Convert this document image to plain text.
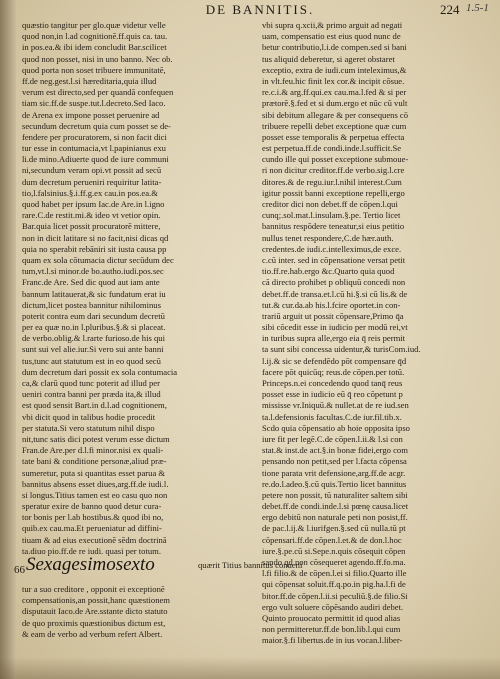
DE BANNITIS.	224 1.5-1
quæstio tangitur per glo.quæ videtur velle
quod non,in l.ad cognitionē.ff.quis ca. tau.
in pos.ea.& ibi idem concludit Bar.scilicet
quod non posset, nisi in uno banno. Nec ob.
quod porta non soset tribuere immunitatē,
ff.de neg.gest.l.si hæreditaria,quia illud
verum est directo,sed per quandā confequen
tiam sic.ff.de suspe.tut.l.decreto.Sed Iaco.
de Arena ex impone posset peruenire ad
secundum decretum quia cum posset se de-
fendere per procuratorem, si non facit dici
tur esse in contumacia,vt l.papinianus exu
li.de mino.Adiuerte quod de iure communi
ni,secundum veram opi.vt possit ad secū
dum decretum perueniri requiritur latita-
tio,l.falsinius.§.i.ff.g.ex cau.in pos.ea.&
quod habet per ipsum Iac.de Are.in l.igno
rare.C.de restit.mi.& ideo vt vetior opin.
Bar.quia licet possit procuratorē mittere,
non in dicit latitare si no facit,nisi dicas qd
quia no sperabit rebāniri sit iusta causa pp
quam ex sola cōtumacia dictur secūdum dec
tum,vt.l.si minor.de bo.autho.iudi.pos.sec
Franc.de Are. Sed dic quod aut iam ante
bannum latitauerat,& sic fundatum erat iu
dictum,licet postea bannitur nihilominus
poterit contra eum dari secundum decretū
per ea quæ no.in l.pluribus.§.& si placeat.
de verbo.oblig.& l.rarte furioso.de his qui
sunt sui vel alie.iur.Si vero sui ante banni
tus,tunc aut statutum est in eo quod secū
dum decretum dari possit ex sola contumacia
ca,& clarū quod tunc poterit ad illud per
ueniri contra banni per præda ita,& illud
est quod sensit Bart.in d.l.ad cognitionem,
vbi dicit quod in talibus hodie procedit
per statuta.Si vero statutum nihil dispo
nit,tunc satis dici potest verum esse dictum
Fran.de Are.per d.l.fi minor.nisi ex quali-
tate bani & conditione personæ,aliud præ-
sumeretur, puta si quantitas esset parua &
bannitus absens esset diues,arg.ff.de iudi.l.
si longus.Titius tamen est eo casu quo non
speratur exire de banno quod detur cura-
tor bonis per l.ab hostibus.& quod ibi no,
quib.ex cau.ma.Et perueniatur ad diffini-
tiuam & ad eius executionē sēdm doctrinā
ta.diuo pio.ff.de re iudi. quasi per totum.
66 Sexagesimosexto	quærit Titius bannitus conueni
tur a suo creditore , opponit ei exceptionē
compensationis,an possit,hanc quæstionem
disputauit Iaco.de Are.sstante dicto statuto
de quo proximis quæstionibus dictum est,
& eam de verbo ad verbum refert Albert.
vbi supra q.xcii,& primo arguit ad negati
uam, compensatio est eius quod nunc de
betur contributio,l.i.de compen.sed si bani
tus aliquid deberetur, si ageret obstaret
exceptio, extra de iudi.cum inteleximus,&
in vlt.feu.hic finit lex cor.& incipit cōsue.
re.c.i.& arg.ff.qui.ex cau.ma.l.fed & si per
prætorē.§.fed et si dum.ergo et nūc cū vult
sibi debitum allegare & per consequens cō
tribuere repelli debet exceptione quæ cum
posset esse temporalis & perpetua effecta
est perpetua.ff.de condi.inde.l.sufficit.Se
cundo ille qui posset exceptione submoue-
ri non dicitur creditor.ff.de verbo.sig.l.cre
ditores.& de regu.iur.l.nihil interest.Cum
igitur possit banni exceptione repelli,ergo
creditor dici non debet.ff de cōpen.l.qui
cunq;.sol.mat.l.insulam.§.pe. Tertio licet
bannitus respōdere teneatur,si eius petitio
nullus tenet respondere,C.de hær.auth.
credentes.de iudi.c.intelleximus,de exce.
c.cū inter. sed in cōpensatione versat petit
tio.ff.re.hab.ergo &c.Quarto quia quod
cā directo prohibet p obliquū concedi non
debet.ff.de transa.et.l.cū hi.§.si cū lis.& de
tut.& cur.da.ab his.l.fcire oportet.in con-
trariū arguit ut possit cōpensare,Primo q̄a
sibi cōcedit esse in iudicio per modū rei,vt
in turibus supra alle,ergo eia q̄ reis permit
ta sunt sibi concessa uidentur,& turisCom.iud.
l.ij.& sic se defendēdo pōt compensare q̄d
facere pōt quicūq; reus.de cōpen.per totū.
Princeps.n.ei concedendo quod tanq̄ reus
posset esse in iudicio eū q̄ reo cōpetunt p
mississe vr.Iniquū.& nullet.at de re iud.sen
ta.l.defensionis facultas.C.de iur.fil.tib.x.
Scdo quia cōpensatio ab hoie opposita ipso
iure fit per legē.C.de cōpen.l.ii.& l.si con
stat.& inst.de act.§.in bonæ fidei,ergo com
pensando non petit,sed per l.facta cōpensa
tione parata vrit defensione,arg.ff.de acgr.
re.do.l.adeo.§.cū quis.Tertio licet bannitus
petere non possit, tū naturaliter saltem sibi
debet.ff.de condi.inde.l.si pœnę causa.licet
ergo debitū non naturale peti non posist,ff.
de pac.l.ij.& l.iurifgen.§.sed cū nulla.tū pt
cōpensari.ff.de cōpen.l.et.& de don.l.hoc
iure.§.pe.cū si.Sepe.n.quis cōsequit cōpen
sando qd non cōsequeret agendo.ff.fo.ma.
l.fi filio.& de cōpen.l.ei si filio.Quarto ille
qui cōpensat soluit.ff.q.po.in pig.ha.l.fi de
bitor.ff.de cōpen.l.ii.si peculiū.§.de filio.Si
ergo vult soluere cōpēsando audiri debet.
Quinto prouocato permittit id quod alias
non permitteretur.ff.de bon.lib.l.qui cum
maior.§.fi libertus.de in ius vocan.l.liber-
